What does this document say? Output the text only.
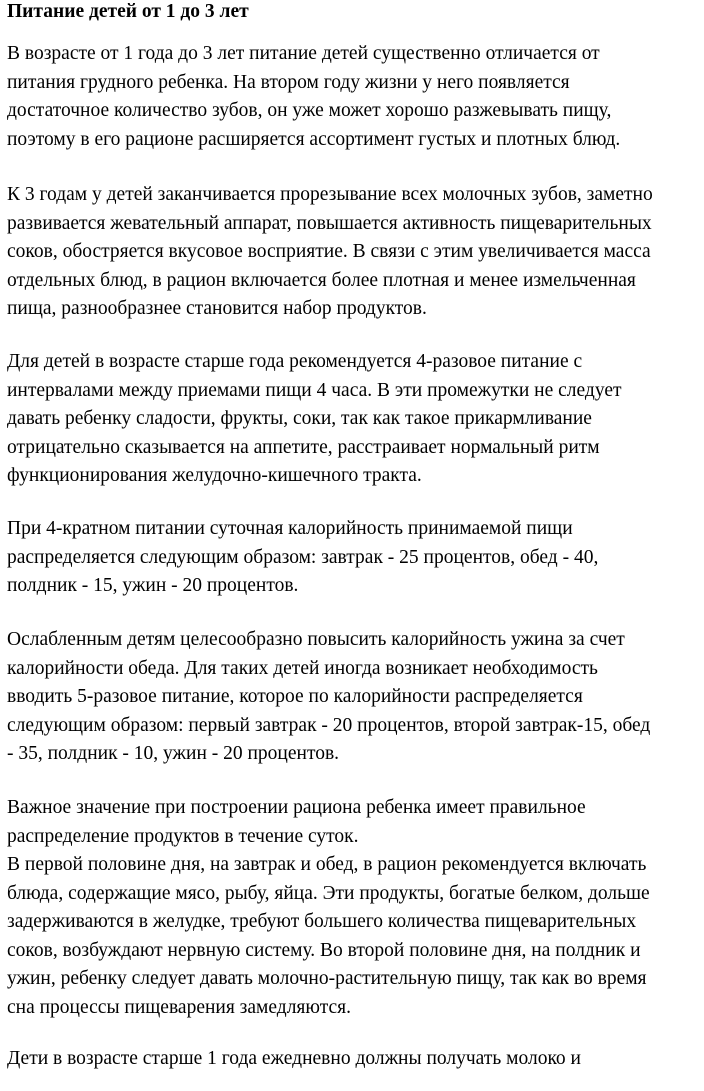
Питание детей от 1 до 3 лет
В возрасте от 1 года до 3 лет питание детей существенно отличается от
питания грудного ребенка. На втором году жизни у него появляется
достаточное количество зубов, он уже может хорошо разжевывать пищу,
поэтому в его рационе расширяется ассортимент густых и плотных блюд.
К 3 годам у детей заканчивается прорезывание всех молочных зубов, заметно
развивается жевательный аппарат, повышается активность пищеварительных
соков, обостряется вкусовое восприятие. В связи с этим увеличивается масса
отдельных блюд, в рацион включается более плотная и менее измельченная
пища, разнообразнее становится набор продуктов.
Для детей в возрасте старше года рекомендуется 4-разовое питание с
интервалами между приемами пищи 4 часа. В эти промежутки не следует
давать ребенку сладости, фрукты, соки, так как такое прикармливание
отрицательно сказывается на аппетите, расстраивает нормальный ритм
функционирования желудочно-кишечного тракта.
При 4-кратном питании суточная калорийность принимаемой пищи
распределяется следующим образом: завтрак - 25 процентов, обед - 40,
полдник - 15, ужин - 20 процентов.
Ослабленным детям целесообразно повысить калорийность ужина за счет
калорийности обеда. Для таких детей иногда возникает необходимость
вводить 5-разовое питание, которое по калорийности распределяется
следующим образом: первый завтрак - 20 процентов, второй завтрак-15, обед
- 35, полдник - 10, ужин - 20 процентов.
Важное значение при построении рациона ребенка имеет правильное
распределение продуктов в течение суток.
В первой половине дня, на завтрак и обед, в рацион рекомендуется включать
блюда, содержащие мясо, рыбу, яйца. Эти продукты, богатые белком, дольше
задерживаются в желудке, требуют большего количества пищеварительных
соков, возбуждают нервную систему. Во второй половине дня, на полдник и
ужин, ребенку следует давать молочно-растительную пищу, так как во время
сна процессы пищеварения замедляются.
Дети в возрасте старше 1 года ежедневно должны получать молоко и
